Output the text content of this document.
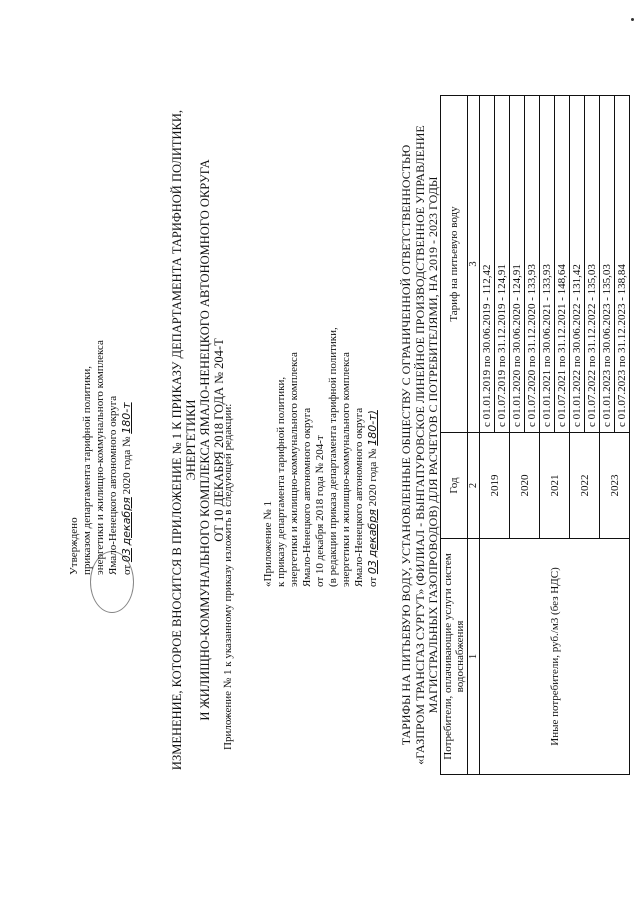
Утверждено приказом департамента тарифной политики, энергетики и жилищно-коммунального комплекса Ямало-Ненецкого автономного округа от 03 декабря 2020 года № 180-т	ИЗМЕНЕНИЕ, КОТОРОЕ ВНОСИТСЯ В ПРИЛОЖЕНИЕ № 1 К ПРИКАЗУ ДЕПАРТАМЕНТА ТАРИФНОЙ ПОЛИТИКИ, ЭНЕРГЕТИКИ И ЖИЛИЩНО-КОММУНАЛЬНОГО КОМПЛЕКСА ЯМАЛО-НЕНЕЦКОГО АВТОНОМНОГО ОКРУГА ОТ 10 ДЕКАБРЯ 2018 ГОДА № 204-Т
Приложение № 1 к указанному приказу изложить в следующей редакции:	«Приложение № 1 к приказу департамента тарифной политики, энергетики и жилищно-коммунального комплекса Ямало-Ненецкого автономного округа от 10 декабря 2018 года № 204-т (в редакции приказа департамента тарифной политики, энергетики и жилищно-коммунального комплекса Ямало-Ненецкого автономного округа от 03 декабря 2020 года № 180-т) ТАРИФЫ НА ПИТЬЕВУЮ ВОДУ, УСТАНОВЛЕННЫЕ ОБЩЕСТВУ С ОГРАНИЧЕННОЙ ОТВЕТСТВЕННОСТЬЮ «ГАЗПРОМ ТРАНСГАЗ СУРГУТ» (ФИЛИАЛ - ВЫНГАПУРОВСКОЕ ЛИНЕЙНОЕ ПРОИЗВОДСТВЕННОЕ УПРАВЛЕНИЕ МАГИСТРАЛЬНЫХ ГАЗОПРОВОДОВ) ДЛЯ РАСЧЕТОВ С ПОТРЕБИТЕЛЯМИ, НА 2019 - 2023 ГОДЫ Потребители, оплачивающие услуги систем водоснабжения	Год	Тариф на питьевую воду
1	2	3
Иные потребители, руб./м3 (без НДС)	2019	с 01.01.2019 по 30.06.2019 - 112,42
		с 01.07.2019 по 31.12.2019 - 124,91
	2020	с 01.01.2020 по 30.06.2020 - 124,91
		с 01.07.2020 по 31.12.2020 - 133,93
	2021	с 01.01.2021 по 30.06.2021 - 133,93
		с 01.07.2021 по 31.12.2021 - 148,64
	2022	с 01.01.2022 по 30.06.2022 - 131,42
		с 01.07.2022 по 31.12.2022 - 135,03
	2023	с 01.01.2023 по 30.06.2023 - 135,03
		с 01.07.2023 по 31.12.2023 - 138,84
